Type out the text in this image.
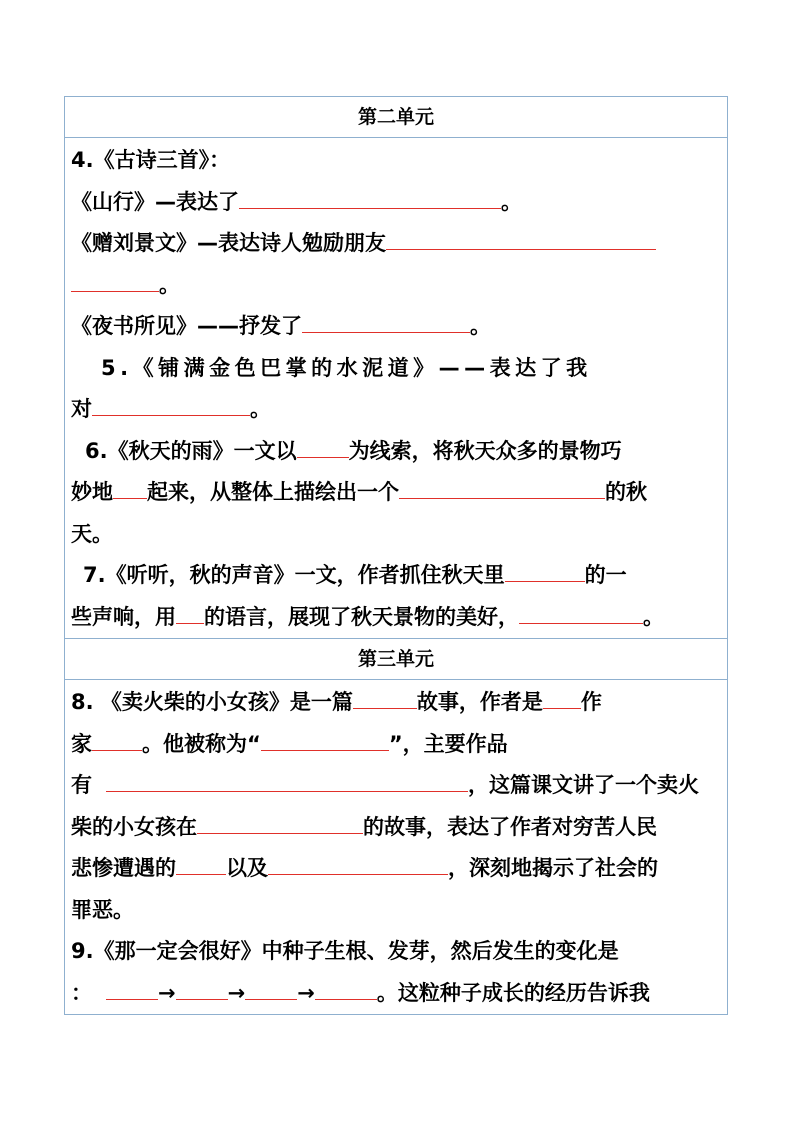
第二单元
4.《古诗三首》：
《山行》—表达了	。
《赠刘景文》—表达诗人勉励朋友
。
《夜书所见》——抒发了	。
5.《铺满金色巴掌的水泥道》——表达了我
对	。
6.《秋天的雨》一文以 为线索，将秋天众多的景物巧
妙地 起来，从整体上描绘出一个	的秋
天。
7.《听听，秋的声音》一文，作者抓住秋天里	的一
些声响，用 的语言，展现了秋天景物的美好，	。
第三单元
8. 《卖火柴的小女孩》是一篇	故事，作者是 作
家 。他被称为“	”，主要作品
有	，这篇课文讲了一个卖火
柴的小女孩在	的故事，表达了作者对穷苦人民
悲惨遭遇的 以及	，深刻地揭示了社会的
罪恶。
9.《那一定会很好》中种子生根、发芽，然后发生的变化是
：	→ → →	。这粒种子成长的经历告诉我
